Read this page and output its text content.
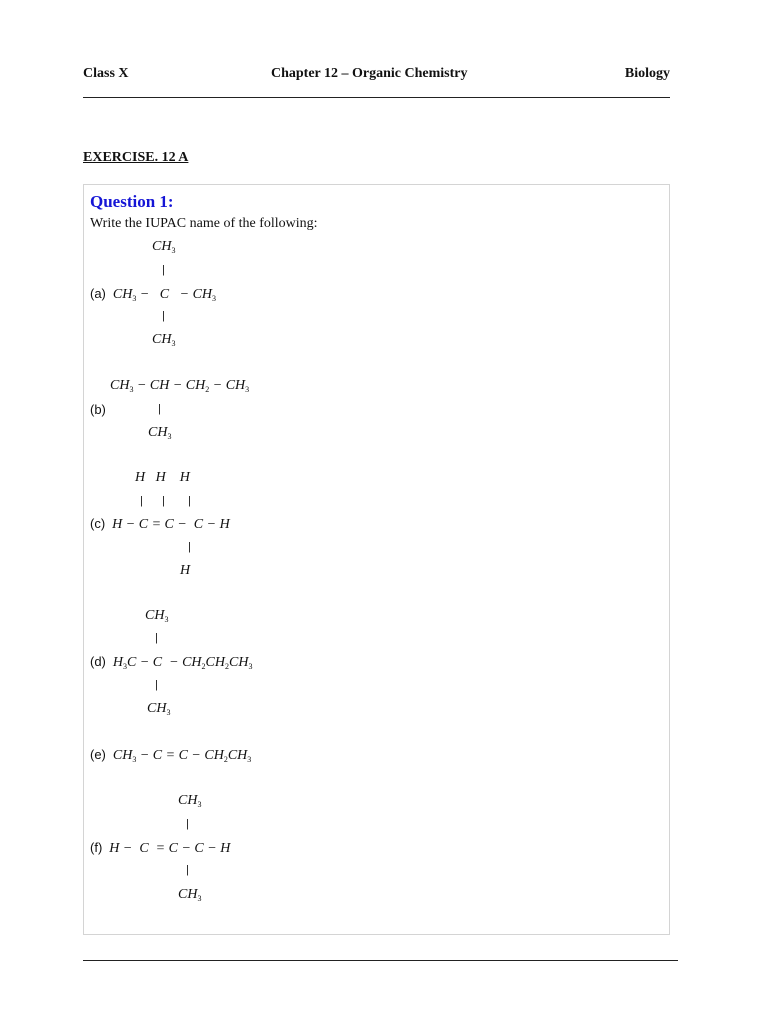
Class X	Chapter 12 – Organic Chemistry	Biology
EXERCISE. 12 A
Question 1:
Write the IUPAC name of the following:
$CH_3$
|
(a) $CH_3 - C - CH_3$
|
$CH_3$
$CH_3$ − CH − $CH_2 - CH_3$
(b)	|
$CH_3$
H   H    H
| | |
(c) H − C = C −  C − H
|
H
$CH_3$
|
(d) $H_3C - C - CH_2CH_2CH_3$
|
$CH_3$
(e) $CH_3 - C = C - CH_2CH_3$
$CH_3$
|
(f) H −  C  = C − C − H
|
$CH_3$
